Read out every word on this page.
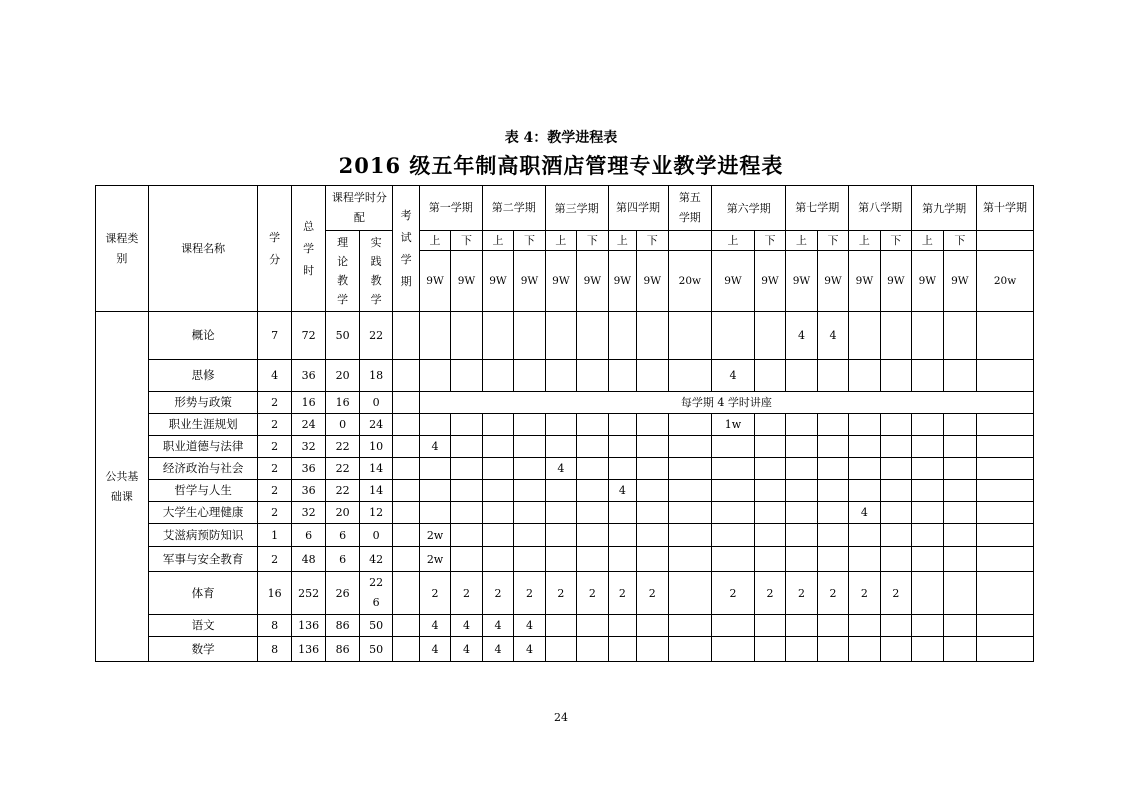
表 4：教学进程表
2016 级五年制高职酒店管理专业教学进程表
课程类别	课程名称	学分	总学时	课程学时分配		考试学期	第一学期		第二学期		第三学期		第四学期		第五学期	第六学期		第七学期		第八学期		第九学期		第十学期
				理论教学	实践教学		上	下	上	下	上	下	上	下		上	下	上	下	上	下	上	下	
							9W	9W	9W	9W	9W	9W	9W	9W	20w	9W	9W	9W	9W	9W	9W	9W	9W	20w
公共基础课	概论	7	72	50	22													4	4					
	思修	4	36	20	18											4								
	形势与政策	2	16	16	0		每学期 4 学时讲座																	
	职业生涯规划	2	24	0	24											1w								
	职业道德与法律	2	32	22	10		4																	
	经济政治与社会	2	36	22	14						4													
	哲学与人生	2	36	22	14								4											
	大学生心理健康	2	32	20	12															4				
	艾滋病预防知识	1	6	6	0		2w																	
	军事与安全教育	2	48	6	42		2w																	
	体育	16	252	26	226		2	2	2	2	2	2	2	2		2	2	2	2	2	2			
	语文	8	136	86	50		4	4	4	4														
	数学	8	136	86	50		4	4	4	4														
24
